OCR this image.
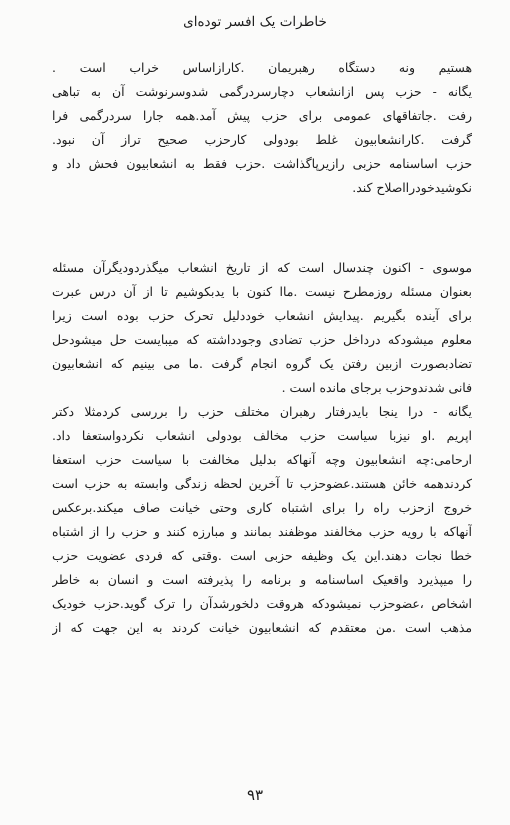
خاطرات یک افسر توده‌ای
هستیم ونه دستگاه رهبریمان .کارازاساس خراب است .
یگانه - حزب پس ازانشعاب دچارسردرگمی شدوسرنوشت آن به تباهی
رفت .جاتفاقهای عمومی برای حزب پیش آمد.همه جارا سردرگمی فرا
گرفت .کارانشعابیون غلط بودولی کارحزب صحیح تراز آن نبود.
حزب اساسنامه حزبی رازیرپاگذاشت .حزب فقط به انشعابیون فحش داد و
نکوشیدخودرااصلاح کند.
موسوی - اکنون چندسال است که از تاریخ انشعاب میگذردودیگرآن مسئله
بعنوان مسئله روزمطرح نیست .ماا کنون با یدبکوشیم تا از آن درس عبرت
برای آینده بگیریم .پیدایش انشعاب خوددلیل تحرک حزب بوده است زیرا
معلوم میشودکه درداخل حزب تضادی وجودداشته که میبایست حل میشودحل
تضادبصورت ازبین رفتن یک گروه انجام گرفت .ما می بینیم که انشعابیون
فانی شدندوحزب برجای مانده است .
یگانه - درا ینجا بایدرفتار رهبران مختلف حزب را بررسی کردمثلا دکتر
اپریم .او نیزبا سیاست حزب مخالف بودولی انشعاب نکردواستعفا داد.
ارحامی:چه انشعابیون وچه آنهاکه بدلیل مخالفت با سیاست حزب استعفا
کردندهمه خائن هستند.عضوحزب تا آخرین لحظه زندگی وابسته به حزب است
خروج ازحزب راه را برای اشتباه کاری وحتی خیانت صاف میکند.برعکس
آنهاکه با رویه حزب مخالفند موظفند بمانند و مبارزه کنند و حزب را از اشتباه
خطا نجات دهند.این یک وظیفه حزبی است .وقتی که فردی عضویت حزب
را میپذیرد واقعیک اساسنامه و برنامه را پذیرفته است و انسان به خاطر
اشخاص ،عضوحزب نمیشودکه هروقت دلخورشدآن را ترک گوید.حزب خودیک
مذهب است .من معتقدم که انشعابیون خیانت کردند به این جهت که از
۹۳
